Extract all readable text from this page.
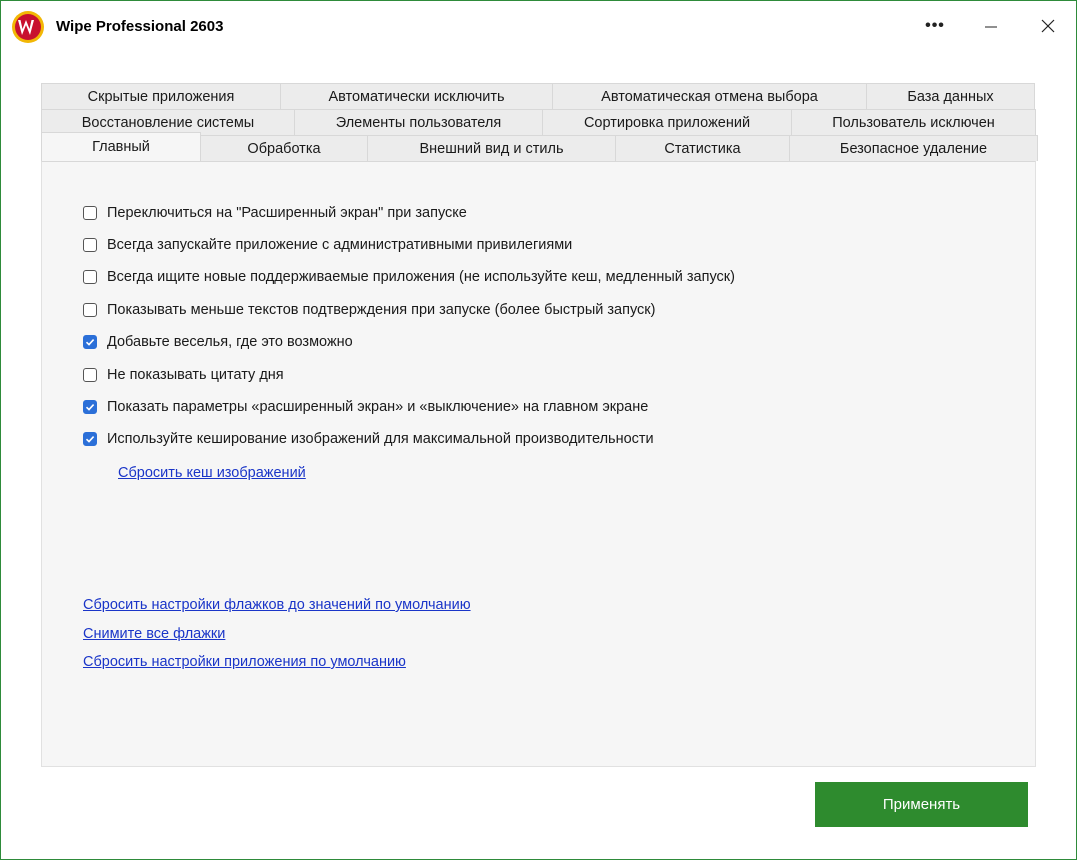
Wipe Professional 2603	•••
Скрытые приложения	Автоматически исключить	Автоматическая отмена выбора	База данных
Восстановление системы	Элементы пользователя	Сортировка приложений	Пользователь исключен
Главный	Обработка	Внешний вид и стиль	Статистика	Безопасное удаление
Переключиться на "Расширенный экран" при запуске
Всегда запускайте приложение с административными привилегиями
Всегда ищите новые поддерживаемые приложения (не используйте кеш, медленный запуск)
Показывать меньше текстов подтверждения при запуске (более быстрый запуск)
Добавьте веселья, где это возможно
Не показывать цитату дня
Показать параметры «расширенный экран» и «выключение» на главном экране
Используйте кеширование изображений для максимальной производительности
Сбросить кеш изображений
Сбросить настройки флажков до значений по умолчанию
Снимите все флажки
Сбросить настройки приложения по умолчанию
Применять
